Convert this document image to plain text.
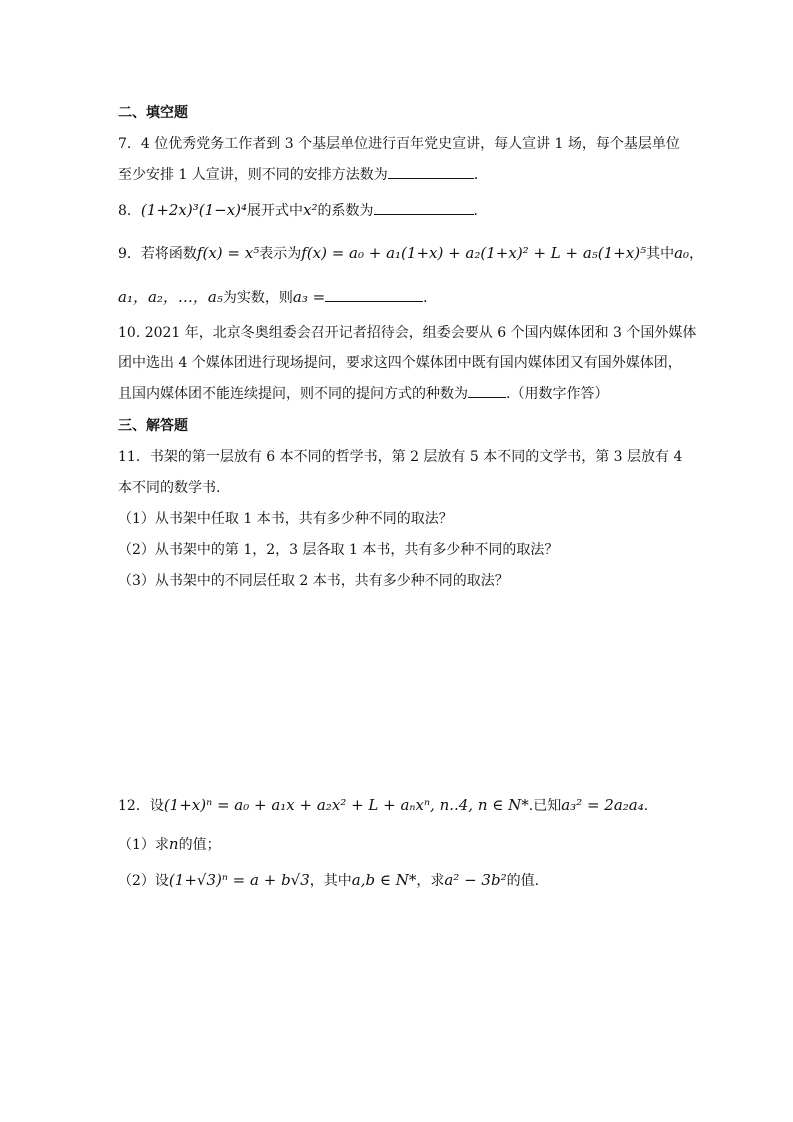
二、填空题
7．4 位优秀党务工作者到 3 个基层单位进行百年党史宣讲，每人宣讲 1 场，每个基层单位
至少安排 1 人宣讲，则不同的安排方法数为	．
8．(1+2x)³(1−x)⁴展开式中x²的系数为	．
9．若将函数f(x) = x⁵表示为f(x) = a₀ + a₁(1+x) + a₂(1+x)² + L + a₅(1+x)⁵其中a₀，
a₁，a₂，…，a₅为实数，则a₃ =	．
10. 2021 年，北京冬奥组委会召开记者招待会，组委会要从 6 个国内媒体团和 3 个国外媒体
团中选出 4 个媒体团进行现场提问，要求这四个媒体团中既有国内媒体团又有国外媒体团，
且国内媒体团不能连续提问，则不同的提问方式的种数为	.（用数字作答）
三、解答题
11．书架的第一层放有 6 本不同的哲学书，第 2 层放有 5 本不同的文学书，第 3 层放有 4
本不同的数学书.
（1）从书架中任取 1 本书，共有多少种不同的取法？
（2）从书架中的第 1，2，3 层各取 1 本书，共有多少种不同的取法？
（3）从书架中的不同层任取 2 本书，共有多少种不同的取法？
12．设(1+x)ⁿ = a₀ + a₁x + a₂x² + L + aₙxⁿ, n..4, n ∈ N*.已知a₃² = 2a₂a₄.
（1）求n的值；
（2）设(1+√3)ⁿ = a + b√3，其中a,b ∈ N*，求a² − 3b²的值.
